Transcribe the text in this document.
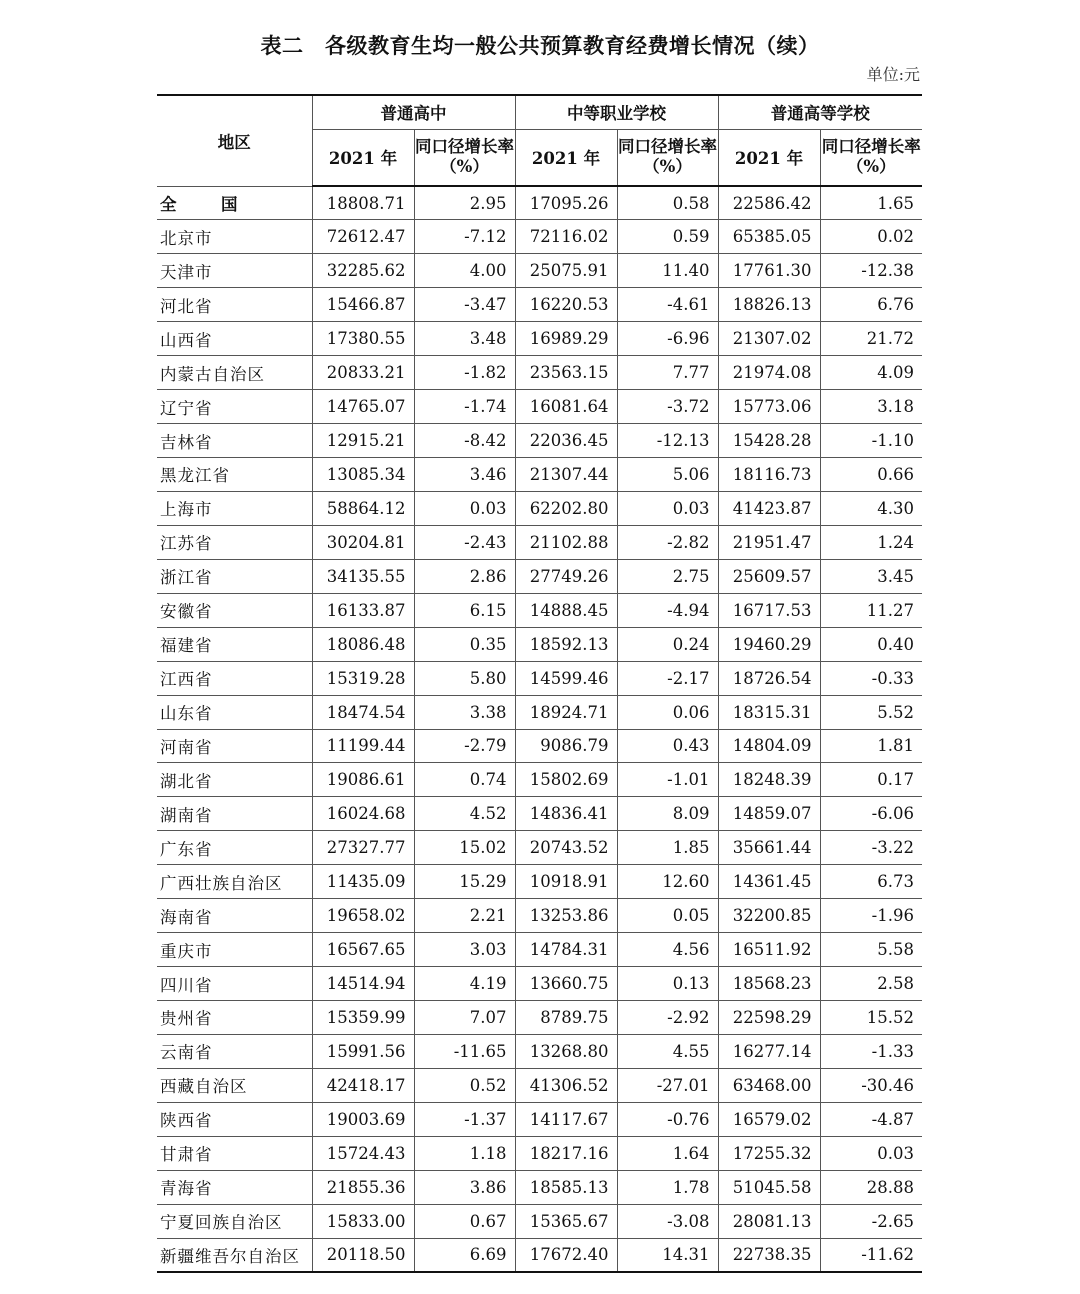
表二　各级教育生均一般公共预算教育经费增长情况（续）
单位:元
地区	普通高中		中等职业学校		普通高等学校	
	2021 年	同口径增长率（%）	2021 年	同口径增长率（%）	2021 年	同口径增长率（%）
全　国	18808.71	2.95	17095.26	0.58	22586.42	1.65
北京市	72612.47	-7.12	72116.02	0.59	65385.05	0.02
天津市	32285.62	4.00	25075.91	11.40	17761.30	-12.38
河北省	15466.87	-3.47	16220.53	-4.61	18826.13	6.76
山西省	17380.55	3.48	16989.29	-6.96	21307.02	21.72
内蒙古自治区	20833.21	-1.82	23563.15	7.77	21974.08	4.09
辽宁省	14765.07	-1.74	16081.64	-3.72	15773.06	3.18
吉林省	12915.21	-8.42	22036.45	-12.13	15428.28	-1.10
黑龙江省	13085.34	3.46	21307.44	5.06	18116.73	0.66
上海市	58864.12	0.03	62202.80	0.03	41423.87	4.30
江苏省	30204.81	-2.43	21102.88	-2.82	21951.47	1.24
浙江省	34135.55	2.86	27749.26	2.75	25609.57	3.45
安徽省	16133.87	6.15	14888.45	-4.94	16717.53	11.27
福建省	18086.48	0.35	18592.13	0.24	19460.29	0.40
江西省	15319.28	5.80	14599.46	-2.17	18726.54	-0.33
山东省	18474.54	3.38	18924.71	0.06	18315.31	5.52
河南省	11199.44	-2.79	9086.79	0.43	14804.09	1.81
湖北省	19086.61	0.74	15802.69	-1.01	18248.39	0.17
湖南省	16024.68	4.52	14836.41	8.09	14859.07	-6.06
广东省	27327.77	15.02	20743.52	1.85	35661.44	-3.22
广西壮族自治区	11435.09	15.29	10918.91	12.60	14361.45	6.73
海南省	19658.02	2.21	13253.86	0.05	32200.85	-1.96
重庆市	16567.65	3.03	14784.31	4.56	16511.92	5.58
四川省	14514.94	4.19	13660.75	0.13	18568.23	2.58
贵州省	15359.99	7.07	8789.75	-2.92	22598.29	15.52
云南省	15991.56	-11.65	13268.80	4.55	16277.14	-1.33
西藏自治区	42418.17	0.52	41306.52	-27.01	63468.00	-30.46
陕西省	19003.69	-1.37	14117.67	-0.76	16579.02	-4.87
甘肃省	15724.43	1.18	18217.16	1.64	17255.32	0.03
青海省	21855.36	3.86	18585.13	1.78	51045.58	28.88
宁夏回族自治区	15833.00	0.67	15365.67	-3.08	28081.13	-2.65
新疆维吾尔自治区	20118.50	6.69	17672.40	14.31	22738.35	-11.62
